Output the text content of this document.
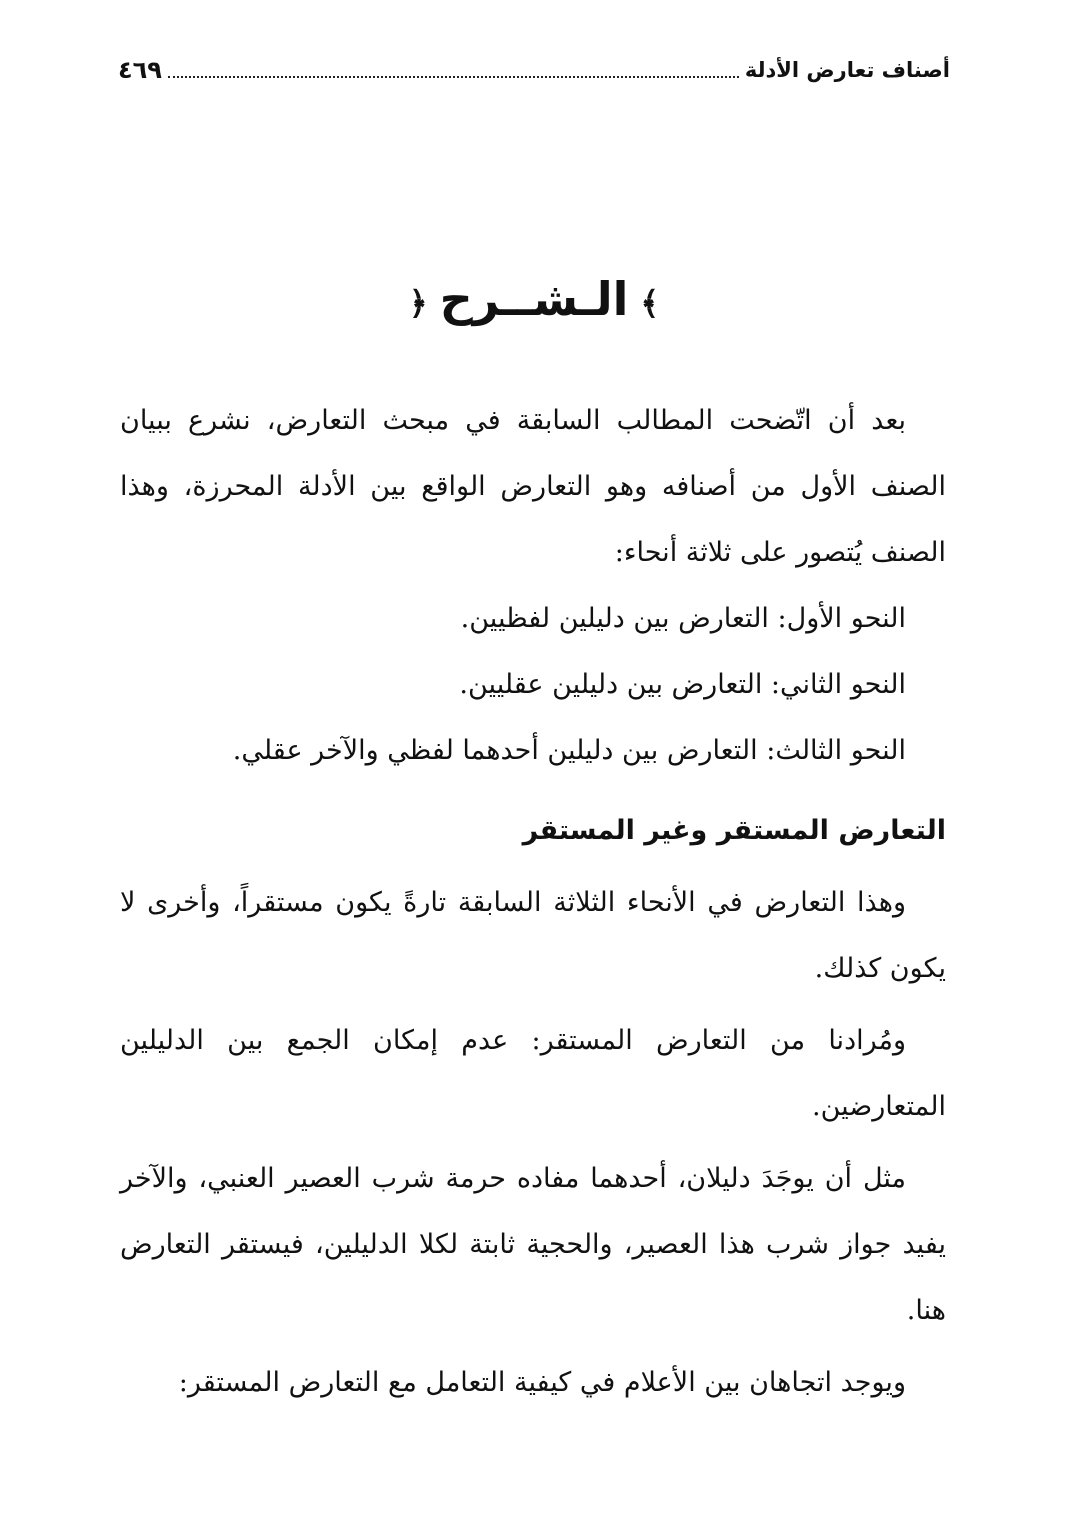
أصناف تعارض الأدلة
٤٦٩
﴾الـشــرح﴿

بعد أن اتّضحت المطالب السابقة في مبحث التعارض، نشرع ببيان الصنف الأول من أصنافه وهو التعارض الواقع بين الأدلة المحرزة، وهذا الصنف يُتصور على ثلاثة أنحاء:

النحو الأول: التعارض بين دليلين لفظيين.

النحو الثاني: التعارض بين دليلين عقليين.

النحو الثالث: التعارض بين دليلين أحدهما لفظي والآخر عقلي.

التعارض المستقر وغير المستقر

وهذا التعارض في الأنحاء الثلاثة السابقة تارةً يكون مستقراً، وأخرى لا يكون كذلك.

ومُرادنا من التعارض المستقر: عدم إمكان الجمع بين الدليلين المتعارضين.

مثل أن يوجَدَ دليلان، أحدهما مفاده حرمة شرب العصير العنبي، والآخر يفيد جواز شرب هذا العصير، والحجية ثابتة لكلا الدليلين، فيستقر التعارض هنا.

ويوجد اتجاهان بين الأعلام في كيفية التعامل مع التعارض المستقر:
